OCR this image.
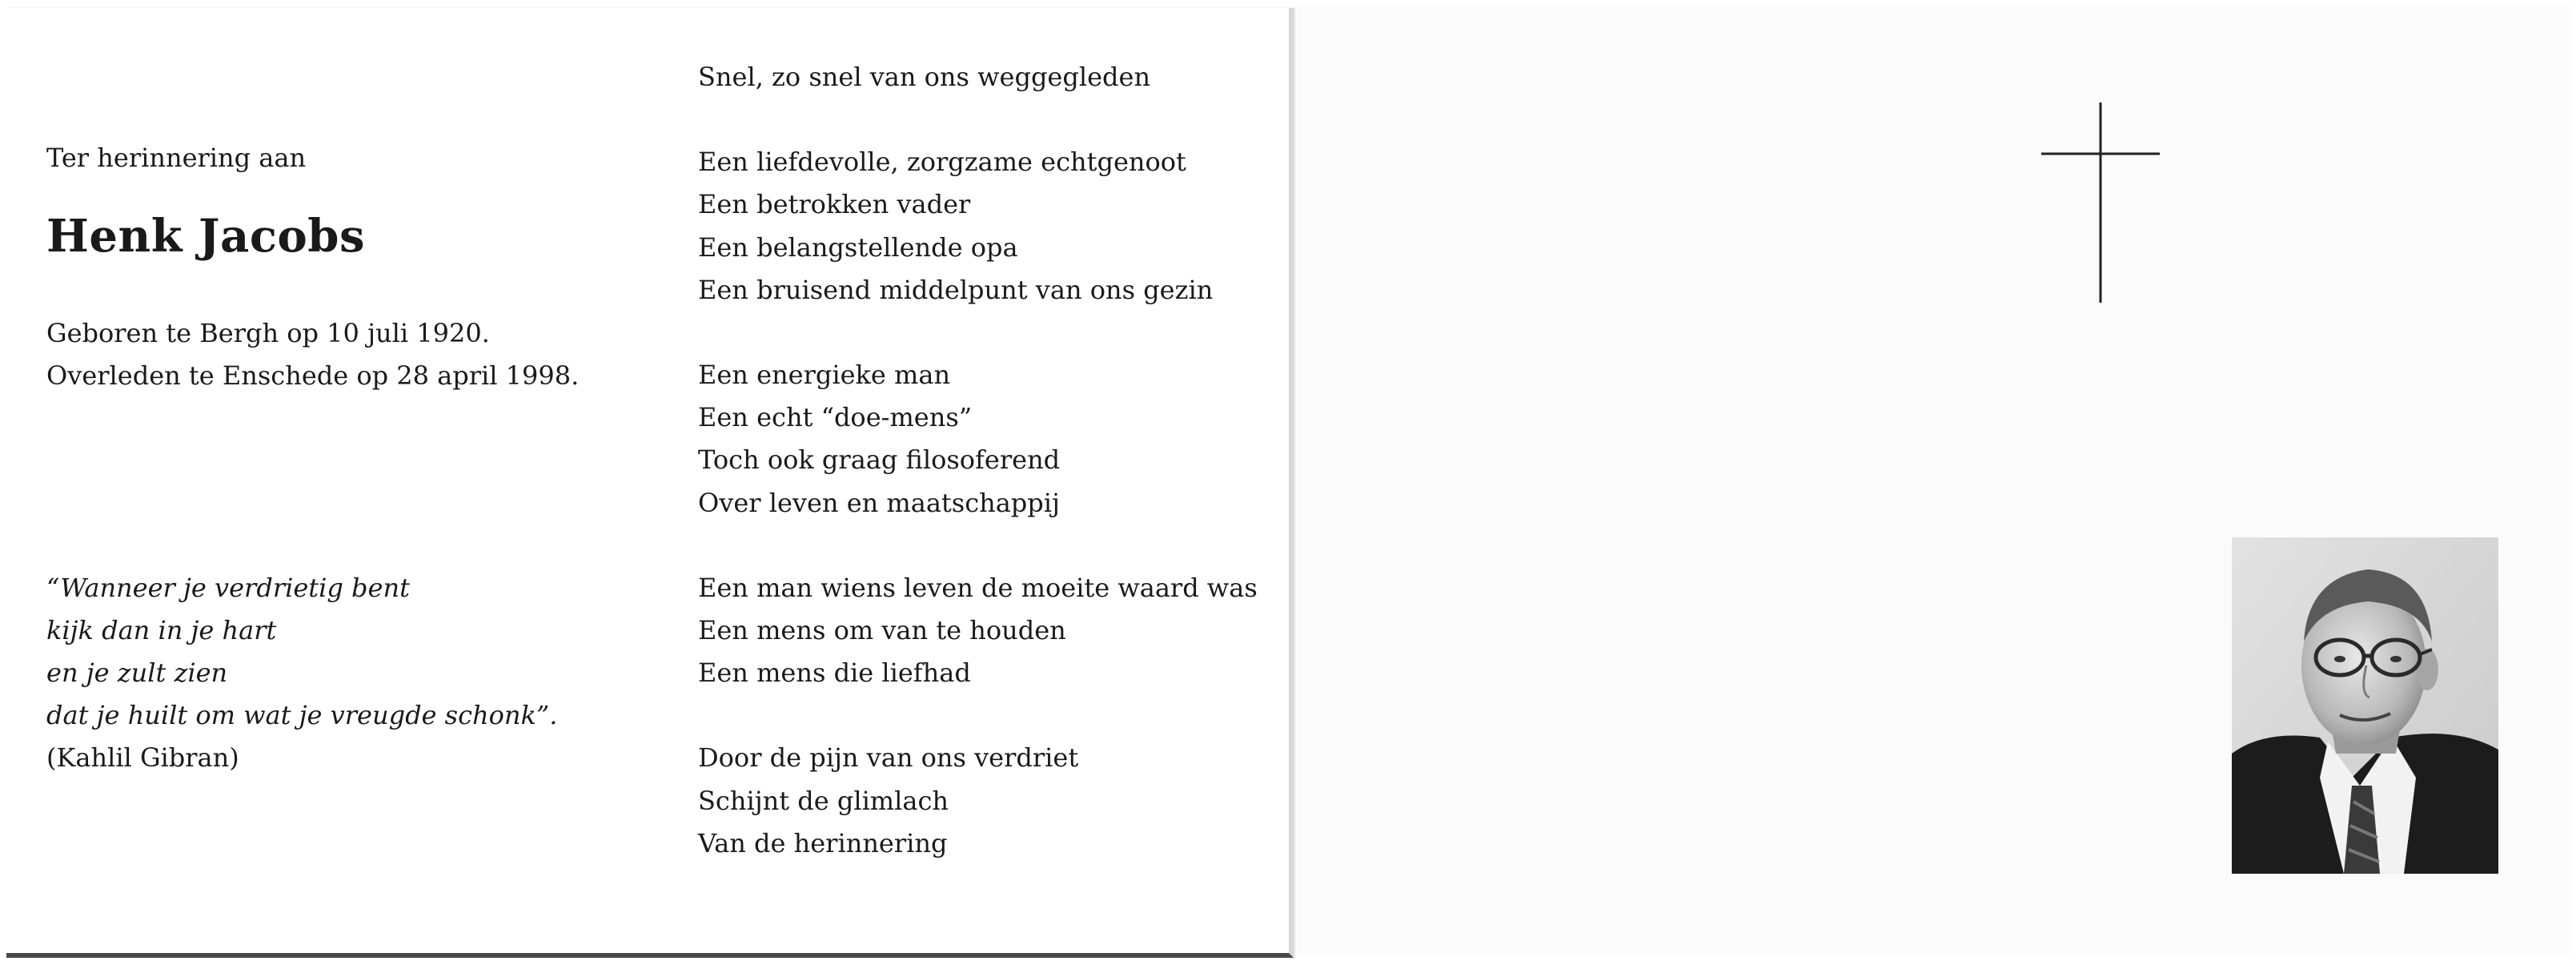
Ter herinnering aan
Henk Jacobs
Geboren te Bergh op 10 juli 1920.
Overleden te Enschede op 28 april 1998.
“Wanneer je verdrietig bent
kijk dan in je hart
en je zult zien
dat je huilt om wat je vreugde schonk”.
(Kahlil Gibran)
Snel, zo snel van ons weggegleden
Een liefdevolle, zorgzame echtgenoot
Een betrokken vader
Een belangstellende opa
Een bruisend middelpunt van ons gezin
Een energieke man
Een echt “doe-mens”
Toch ook graag filosoferend
Over leven en maatschappij
Een man wiens leven de moeite waard was
Een mens om van te houden
Een mens die liefhad
Door de pijn van ons verdriet
Schijnt de glimlach
Van de herinnering
